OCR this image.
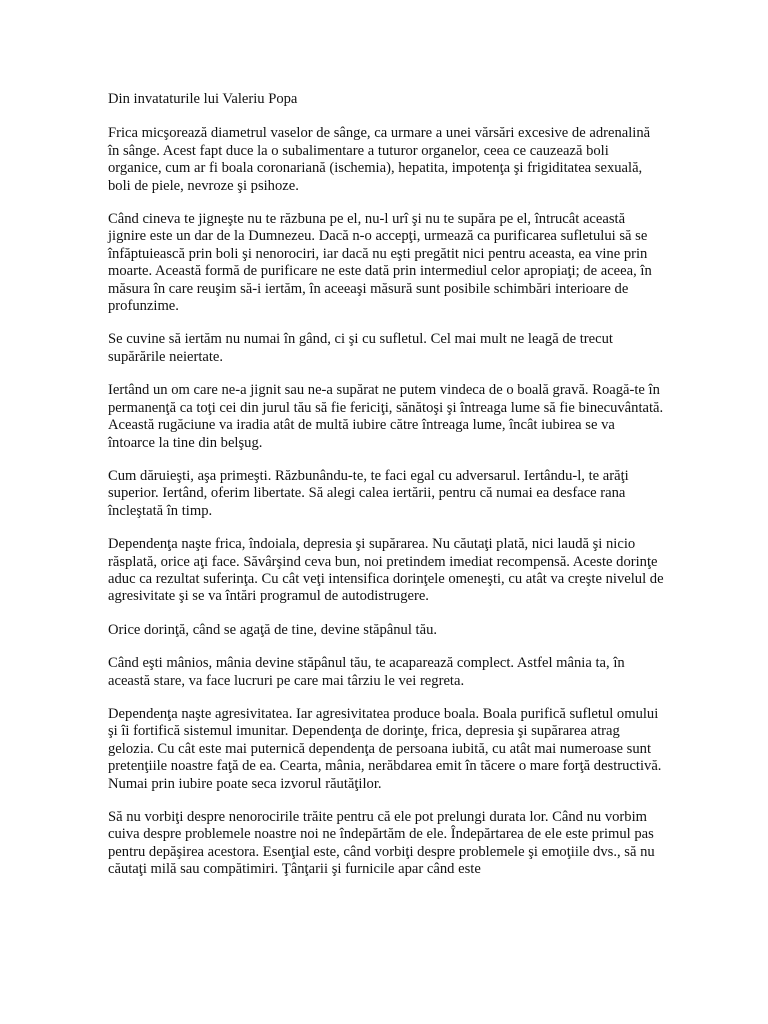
Din invataturile lui Valeriu Popa

Frica micşorează diametrul vaselor de sânge, ca urmare a unei vărsări excesive de adrenalină în sânge. Acest fapt duce la o subalimentare a tuturor organelor, ceea ce cauzează boli organice, cum ar fi boala coronariană (ischemia), hepatita, impotenţa şi frigiditatea sexuală, boli de piele, nevroze şi psihoze.

Când cineva te jigneşte nu te răzbuna pe el, nu-l urî şi nu te supăra pe el, întrucât această jignire este un dar de la Dumnezeu. Dacă n-o accepţi, urmează ca purificarea sufletului să se înfăptuiească prin boli şi nenorociri, iar dacă nu eşti pregătit nici pentru aceasta, ea vine prin moarte. Această formă de purificare ne este dată prin intermediul celor apropiaţi; de aceea, în măsura în care reuşim să-i iertăm, în aceeaşi măsură sunt posibile schimbări interioare de profunzime.

Se cuvine să iertăm nu numai în gând, ci şi cu sufletul. Cel mai mult ne leagă de trecut supărările neiertate.

Iertând un om care ne-a jignit sau ne-a supărat ne putem vindeca de o boală gravă. Roagă-te în permanenţă ca toţi cei din jurul tău să fie fericiţi, sănătoşi şi întreaga lume să fie binecuvântată. Această rugăciune va iradia atât de multă iubire către întreaga lume, încât iubirea se va întoarce la tine din belşug.

Cum dăruieşti, aşa primeşti. Răzbunându-te, te faci egal cu adversarul. Iertându-l, te arăţi superior. Iertând, oferim libertate. Să alegi calea iertării, pentru că numai ea desface rana încleştată în timp.

Dependenţa naşte frica, îndoiala, depresia şi supărarea. Nu căutaţi plată, nici laudă şi nicio răsplată, orice aţi face. Săvârşind ceva bun, noi pretindem imediat recompensă. Aceste dorinţe aduc ca rezultat suferinţa. Cu cât veţi intensifica dorinţele omeneşti, cu atât va creşte nivelul de agresivitate şi se va întări programul de autodistrugere.

Orice dorinţă, când se agaţă de tine, devine stăpânul tău.

Când eşti mânios, mânia devine stăpânul tău, te acaparează complect. Astfel mânia ta, în această stare, va face lucruri pe care mai târziu le vei regreta.

Dependenţa naşte agresivitatea. Iar agresivitatea produce boala. Boala purifică sufletul omului şi îi fortifică sistemul imunitar. Dependenţa de dorinţe, frica, depresia şi supărarea atrag gelozia. Cu cât este mai puternică dependenţa de persoana iubită, cu atât mai numeroase sunt pretenţiile noastre faţă de ea. Cearta, mânia, nerăbdarea emit în tăcere o mare forţă destructivă. Numai prin iubire poate seca izvorul răutăţilor.

Să nu vorbiţi despre nenorocirile trăite pentru că ele pot prelungi durata lor. Când nu vorbim cuiva despre problemele noastre noi ne îndepărtăm de ele. Îndepărtarea de ele este primul pas pentru depăşirea acestora. Esenţial este, când vorbiţi despre problemele şi emoţiile dvs., să nu căutaţi milă sau compătimiri. Ţânţarii şi furnicile apar când este
